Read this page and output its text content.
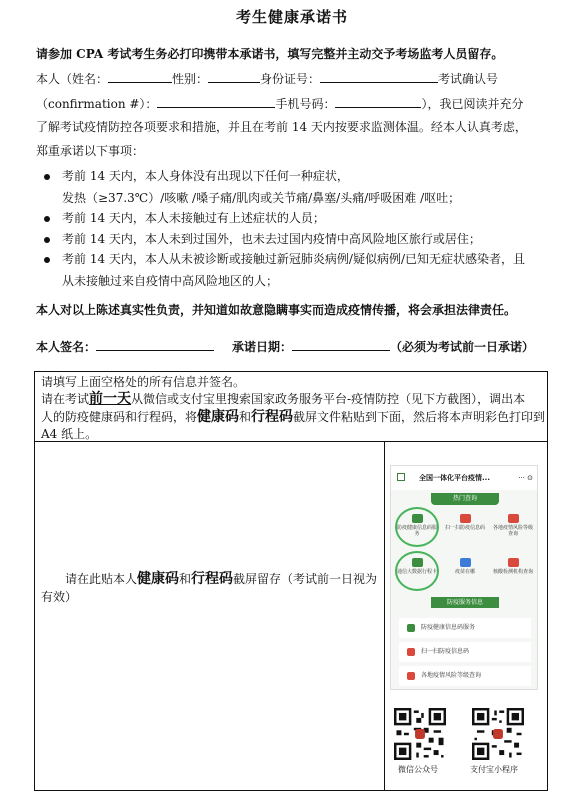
考生健康承诺书
请参加 CPA 考试考生务必打印携带本承诺书，填写完整并主动交予考场监考人员留存。
本人（姓名：	性别：	身份证号：	考试确认号
（confirmation #）：	手机号码：	），我已阅读并充分
了解考试疫情防控各项要求和措施，并且在考前 14 天内按要求监测体温。经本人认真考虑，
郑重承诺以下事项：
考前 14 天内，本人身体没有出现以下任何一种症状，
发热（≥37.3℃）/咳嗽 /嗓子痛/肌肉或关节痛/鼻塞/头痛/呼吸困难 /呕吐；
考前 14 天内，本人未接触过有上述症状的人员；
考前 14 天内，本人未到过国外，也未去过国内疫情中高风险地区旅行或居住；
考前 14 天内，本人从未被诊断或接触过新冠肺炎病例/疑似病例/已知无症状感染者，且
从未接触过来自疫情中高风险地区的人；
本人对以上陈述真实性负责，并知道如故意隐瞒事实而造成疫情传播，将会承担法律责任。
本人签名：	承诺日期：	（必须为考试前一日承诺）

请填写上面空格处的所有信息并签名。

请在考试前一天从微信或支付宝里搜索国家政务服务平台-疫情防控（见下方截图），调出本

人的防疫健康码和行程码，将健康码和行程码截屏文件粘贴到下面，然后将本声明彩色打印到

A4 纸上。

请在此贴本人健康码和行程码截屏留存（考试前一日视为有效）
全国一体化平台疫情...	··· ⊙
热门查询
防疫健康信息码服务
扫一扫防疫信息码 各地疫情风险等级查询
通信大数据行程卡	疫苗在哪	核酸检测机构查询
防疫服务信息
防疫健康信息码服务
扫一扫防疫信息码
各地疫情风险等级查询
微信公众号	支付宝小程序
